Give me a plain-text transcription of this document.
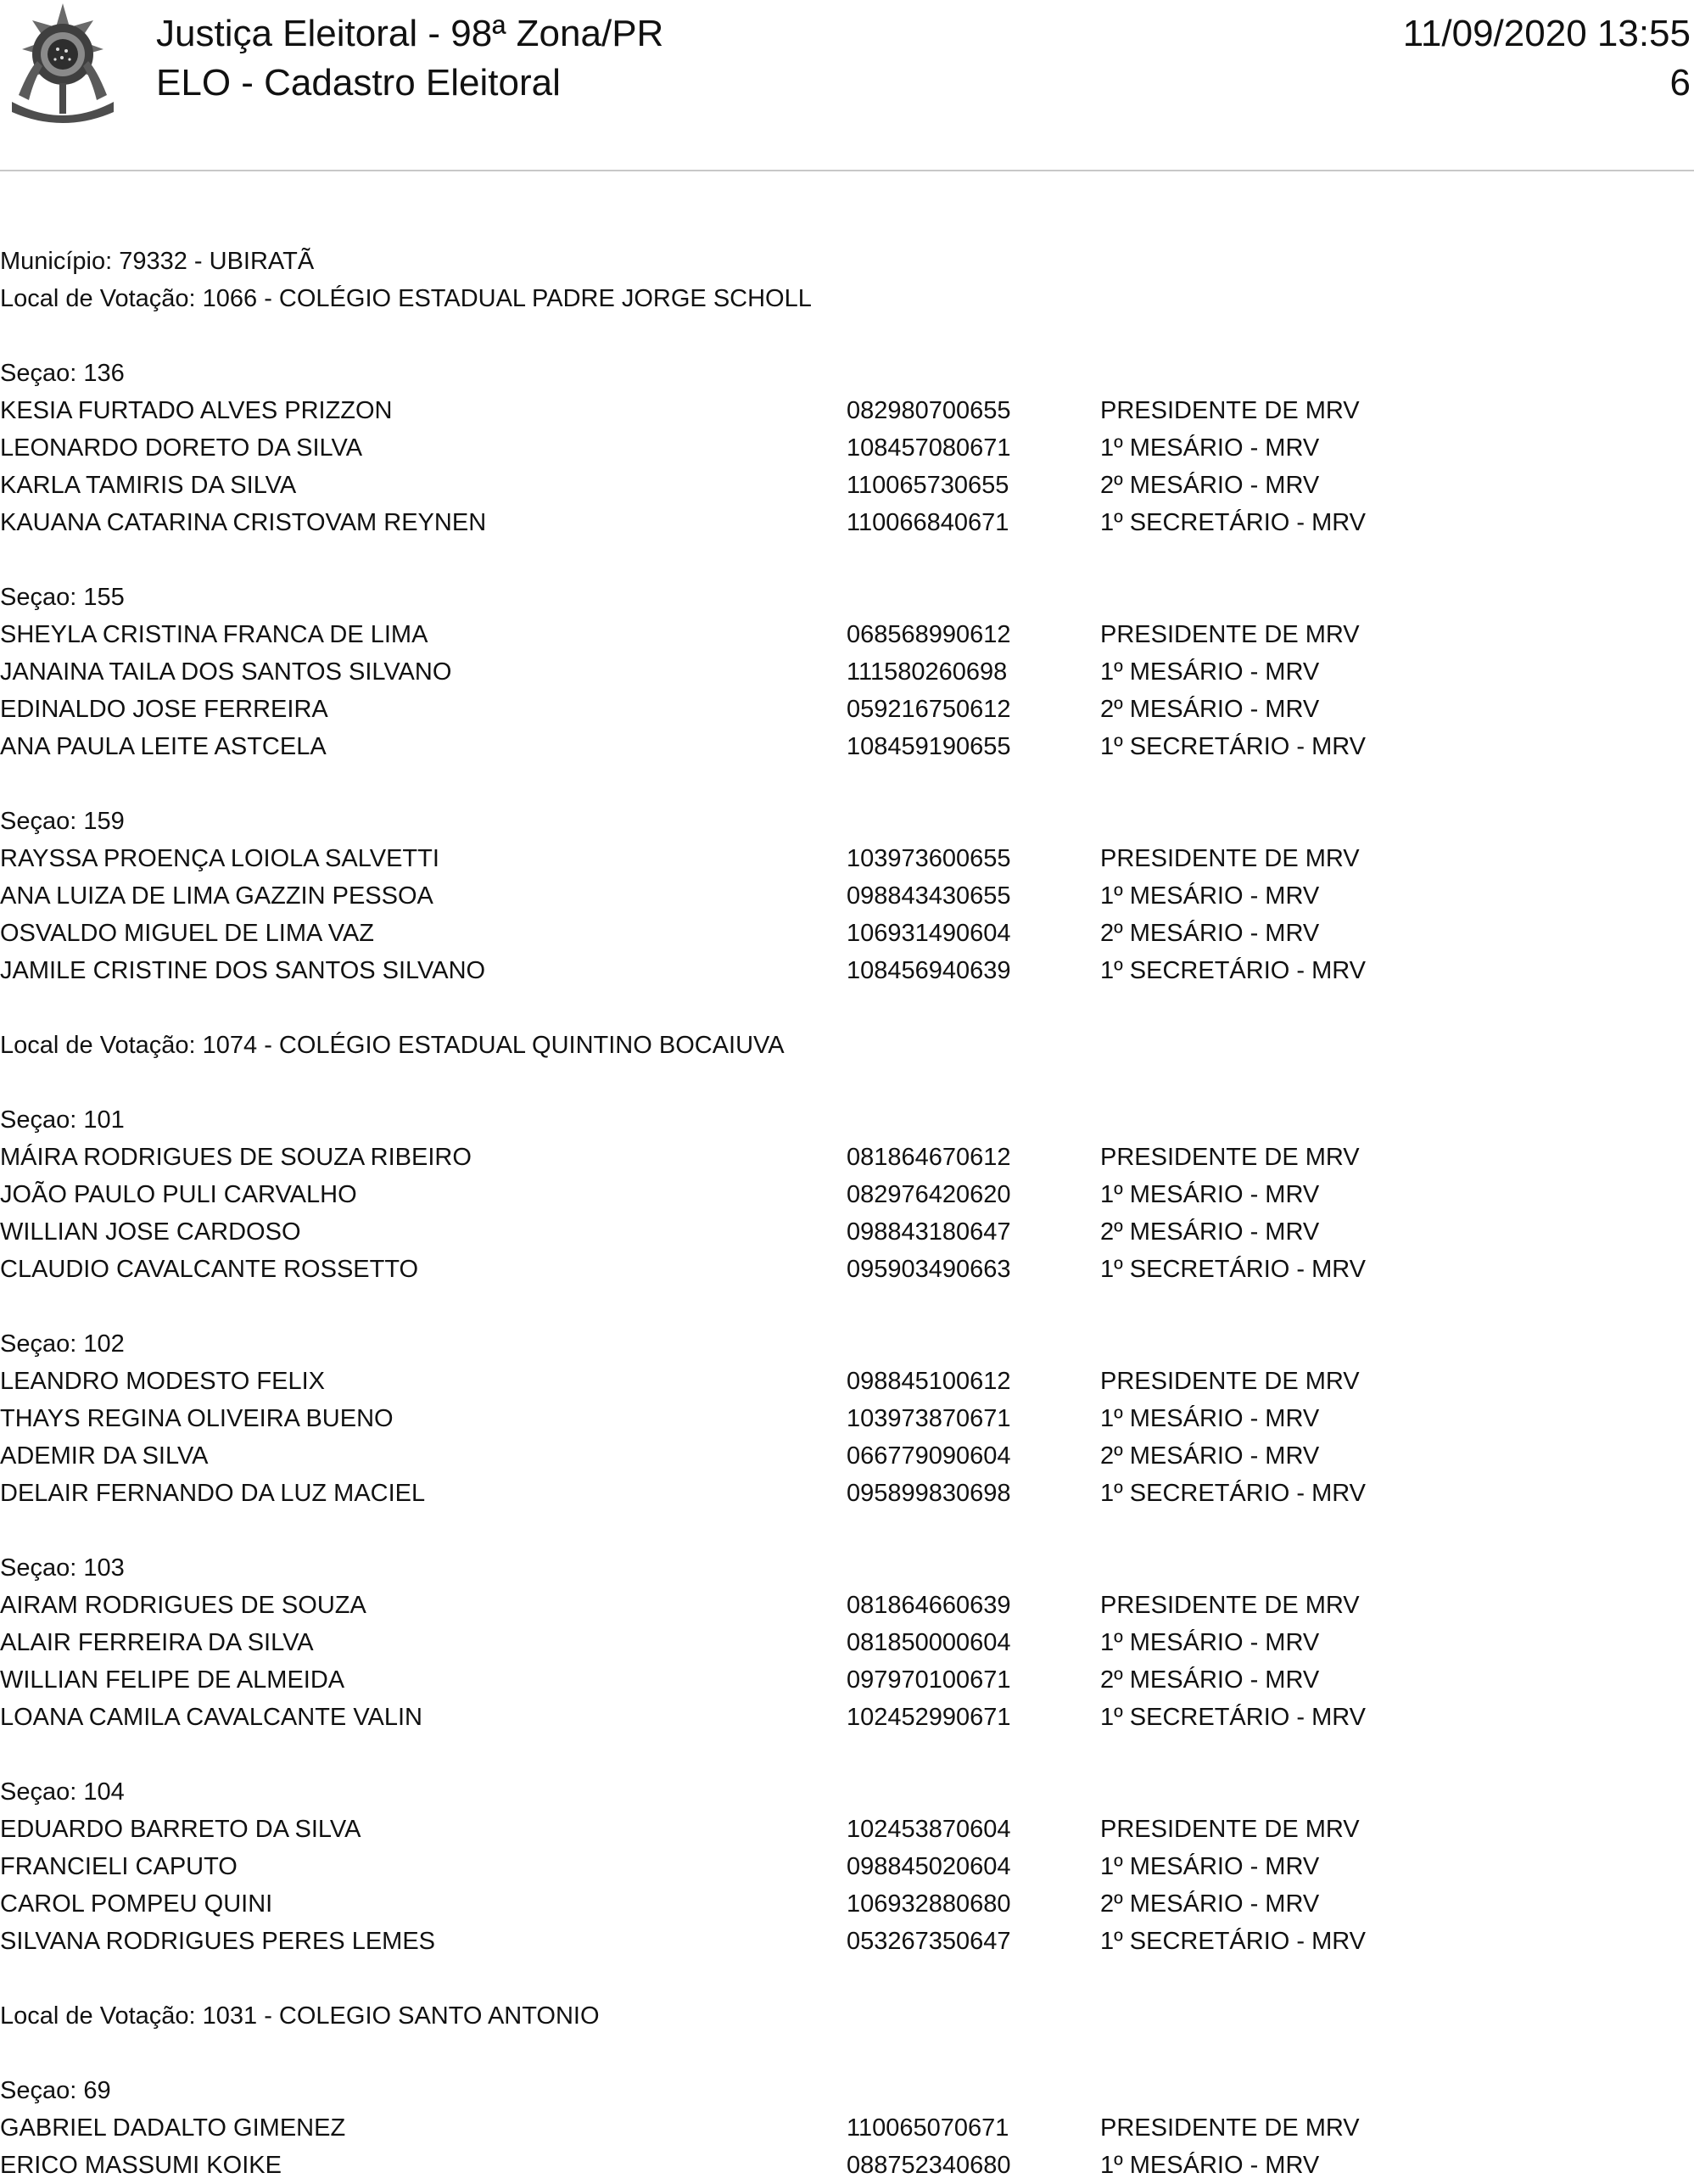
Justiça Eleitoral - 98ª Zona/PR
ELO - Cadastro Eleitoral
11/09/2020 13:55
6
Município: 79332 - UBIRATÃ
Local de Votação: 1066 - COLÉGIO ESTADUAL PADRE JORGE SCHOLL
Seçao: 136
KESIA FURTADO ALVES PRIZZON	082980700655	PRESIDENTE DE MRV
LEONARDO DORETO DA SILVA	108457080671	1º MESÁRIO - MRV
KARLA TAMIRIS DA SILVA	110065730655	2º MESÁRIO - MRV
KAUANA CATARINA CRISTOVAM REYNEN	110066840671	1º SECRETÁRIO - MRV
Seçao: 155
SHEYLA CRISTINA FRANCA DE LIMA	068568990612	PRESIDENTE DE MRV
JANAINA TAILA DOS SANTOS SILVANO	111580260698	1º MESÁRIO - MRV
EDINALDO JOSE FERREIRA	059216750612	2º MESÁRIO - MRV
ANA PAULA LEITE ASTCELA	108459190655	1º SECRETÁRIO - MRV
Seçao: 159
RAYSSA PROENÇA LOIOLA SALVETTI	103973600655	PRESIDENTE DE MRV
ANA LUIZA DE LIMA GAZZIN PESSOA	098843430655	1º MESÁRIO - MRV
OSVALDO MIGUEL DE LIMA VAZ	106931490604	2º MESÁRIO - MRV
JAMILE CRISTINE DOS SANTOS SILVANO	108456940639	1º SECRETÁRIO - MRV
Local de Votação: 1074 - COLÉGIO ESTADUAL QUINTINO BOCAIUVA
Seçao: 101
MÁIRA RODRIGUES DE SOUZA RIBEIRO	081864670612	PRESIDENTE DE MRV
JOÃO PAULO PULI CARVALHO	082976420620	1º MESÁRIO - MRV
WILLIAN JOSE CARDOSO	098843180647	2º MESÁRIO - MRV
CLAUDIO CAVALCANTE ROSSETTO	095903490663	1º SECRETÁRIO - MRV
Seçao: 102
LEANDRO MODESTO FELIX	098845100612	PRESIDENTE DE MRV
THAYS REGINA OLIVEIRA BUENO	103973870671	1º MESÁRIO - MRV
ADEMIR DA SILVA	066779090604	2º MESÁRIO - MRV
DELAIR FERNANDO DA LUZ MACIEL	095899830698	1º SECRETÁRIO - MRV
Seçao: 103
AIRAM RODRIGUES DE SOUZA	081864660639	PRESIDENTE DE MRV
ALAIR FERREIRA DA SILVA	081850000604	1º MESÁRIO - MRV
WILLIAN FELIPE DE ALMEIDA	097970100671	2º MESÁRIO - MRV
LOANA CAMILA CAVALCANTE VALIN	102452990671	1º SECRETÁRIO - MRV
Seçao: 104
EDUARDO BARRETO DA SILVA	102453870604	PRESIDENTE DE MRV
FRANCIELI CAPUTO	098845020604	1º MESÁRIO - MRV
CAROL POMPEU QUINI	106932880680	2º MESÁRIO - MRV
SILVANA RODRIGUES PERES LEMES	053267350647	1º SECRETÁRIO - MRV
Local de Votação: 1031 - COLEGIO SANTO ANTONIO
Seçao: 69
GABRIEL DADALTO GIMENEZ	110065070671	PRESIDENTE DE MRV
ERICO MASSUMI KOIKE	088752340680	1º MESÁRIO - MRV
